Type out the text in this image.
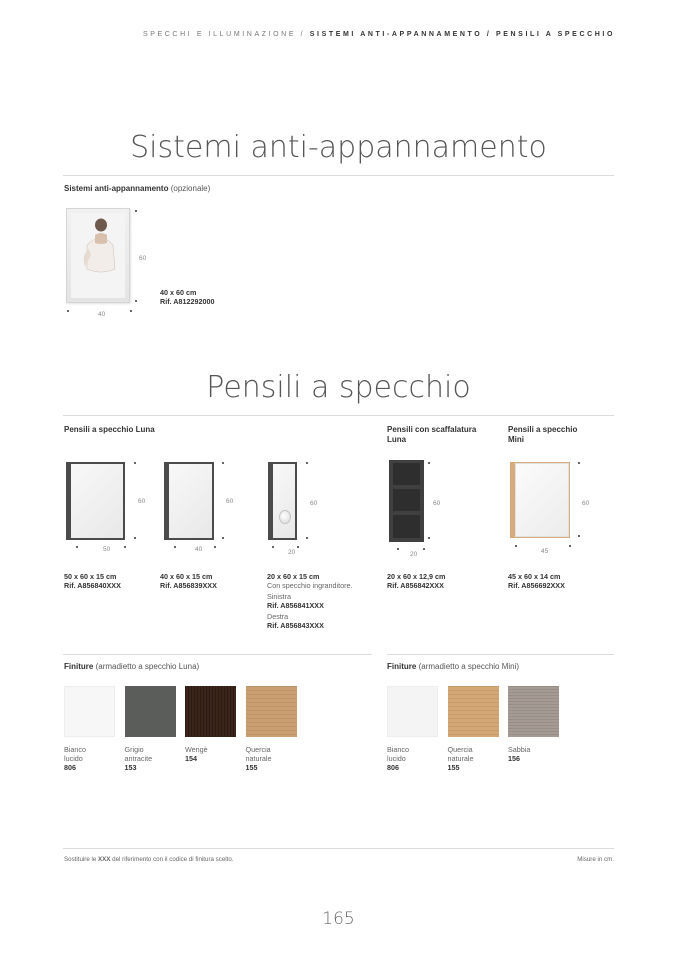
SPECCHI E ILLUMINAZIONE / SISTEMI ANTI-APPANNAMENTO / PENSILI A SPECCHIO
Sistemi anti-appannamento
Sistemi anti-appannamento (opzionale)
60
40
40 x 60 cm
Rif. A812292000
Pensili a specchio
Pensili a specchio Luna	Pensili con scaffalatura Luna
Pensili a specchio Mini
60
50
50 x 60 x 15 cm
Rif. A856840XXX
60
40
40 x 60 x 15 cm
Rif. A856839XXX
60
20
20 x 60 x 15 cm
Con specchio ingranditore.
Sinistra
Rif. A856841XXX
Destra
Rif. A856843XXX
60
20
20 x 60 x 12,9 cm
Rif. A856842XXX
60
45
45 x 60 x 14 cm
Rif. A856692XXX
Finiture (armadietto a specchio Luna)
Bianco
lucido
806
Grigio
antracite
153
Wengè
154
Quercia
naturale
155
Finiture (armadietto a specchio Mini)
Bianco
lucido
806
Quercia
naturale
155
Sabbia
156
Sostituire le XXX del riferimento con il codice di finitura scelto.	Misure in cm.
165
